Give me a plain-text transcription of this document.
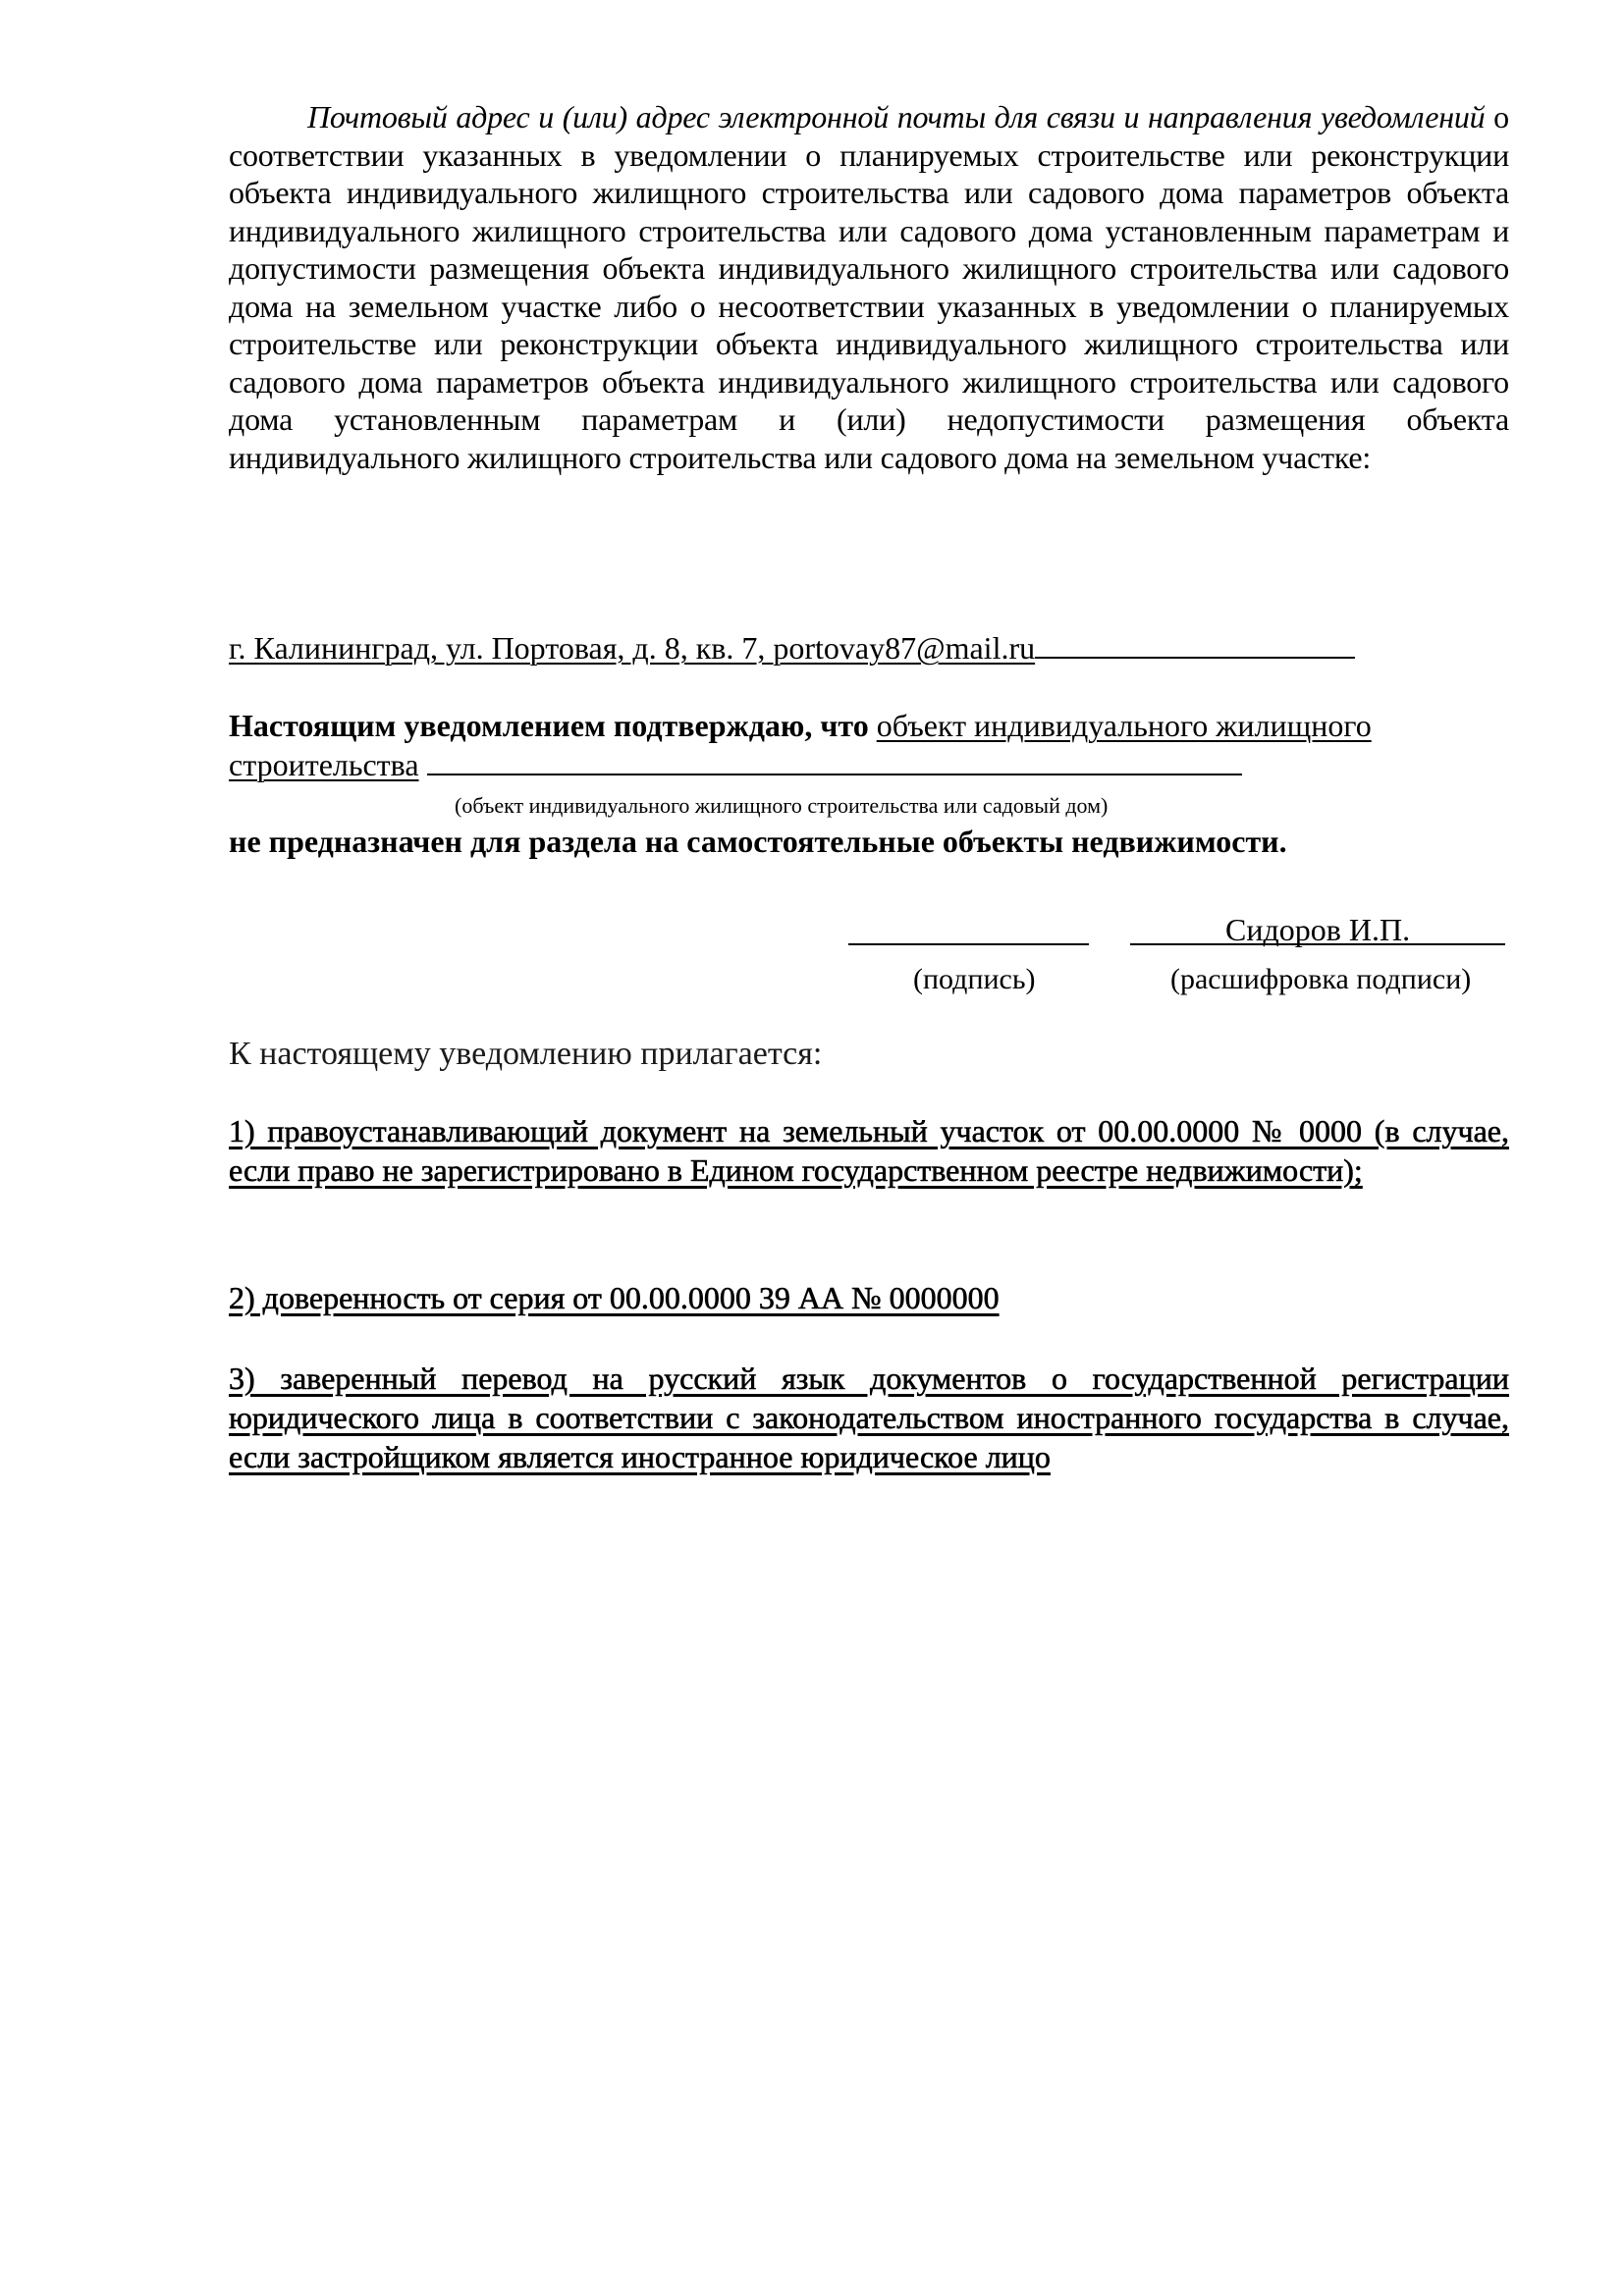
Почтовый адрес и (или) адрес электронной почты для связи и направления уведомлений о соответствии указанных в уведомлении о планируемых строительстве или реконструкции объекта индивидуального жилищного строительства или садового дома параметров объекта индивидуального жилищного строительства или садового дома установленным параметрам и допустимости размещения объекта индивидуального жилищного строительства или садового дома на земельном участке либо о несоответствии указанных в уведомлении о планируемых строительстве или реконструкции объекта индивидуального жилищного строительства или садового дома параметров объекта индивидуального жилищного строительства или садового дома установленным параметрам и (или) недопустимости размещения объекта индивидуального жилищного строительства или садового дома на земельном участке:

г. Калининград, ул. Портовая, д. 8, кв. 7, portovay87@mail.ru
Настоящим уведомлением подтверждаю, что объект индивидуального жилищного строительства
(объект индивидуального жилищного строительства или садовый дом)
не предназначен для раздела на самостоятельные объекты недвижимости.
Сидоров И.П.
(подпись)	(расшифровка подписи)
К настоящему уведомлению прилагается:
1) правоустанавливающий документ на земельный участок от 00.00.0000 № 0000 (в случае, если право не зарегистрировано в Едином государственном реестре недвижимости);
2) доверенность от серия от 00.00.0000 39 АА № 0000000
3) заверенный перевод на русский язык документов о государственной регистрации юридического лица в соответствии с законодательством иностранного государства в случае, если застройщиком является иностранное юридическое лицо
